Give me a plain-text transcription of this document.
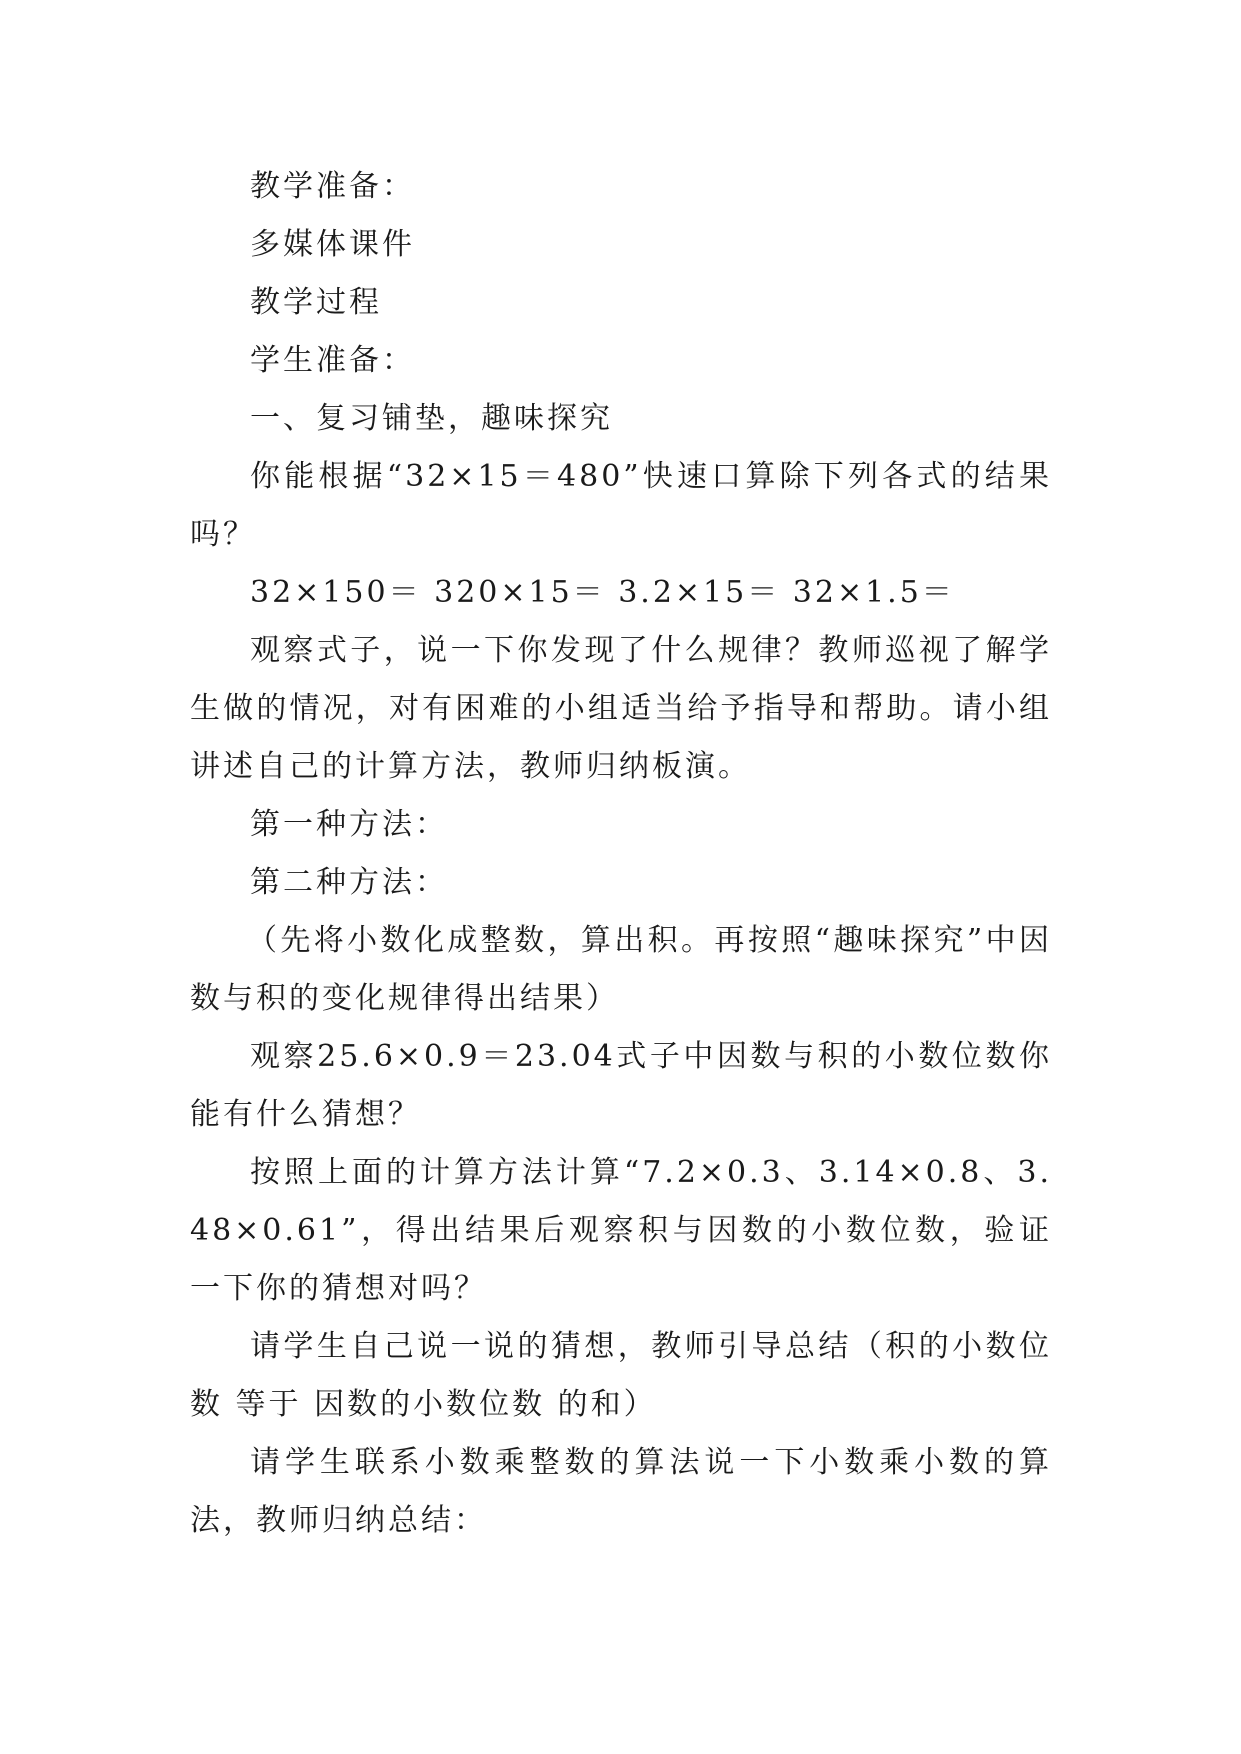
教学准备：

多媒体课件

教学过程

学生准备：

一、复习铺垫，趣味探究

你能根据“32×15＝480”快速口算除下列各式的结果吗？

32×150＝ 320×15＝ 3.2×15＝ 32×1.5＝

观察式子，说一下你发现了什么规律？教师巡视了解学生做的情况，对有困难的小组适当给予指导和帮助。请小组讲述自己的计算方法，教师归纳板演。

第一种方法：

第二种方法：

（先将小数化成整数，算出积。再按照“趣味探究”中因数与积的变化规律得出结果）

观察25.6×0.9＝23.04式子中因数与积的小数位数你能有什么猜想？

按照上面的计算方法计算“7.2×0.3、3.14×0.8、3.48×0.61”，得出结果后观察积与因数的小数位数，验证一下你的猜想对吗？

请学生自己说一说的猜想，教师引导总结（积的小数位数 等于 因数的小数位数 的和）

请学生联系小数乘整数的算法说一下小数乘小数的算法，教师归纳总结：
